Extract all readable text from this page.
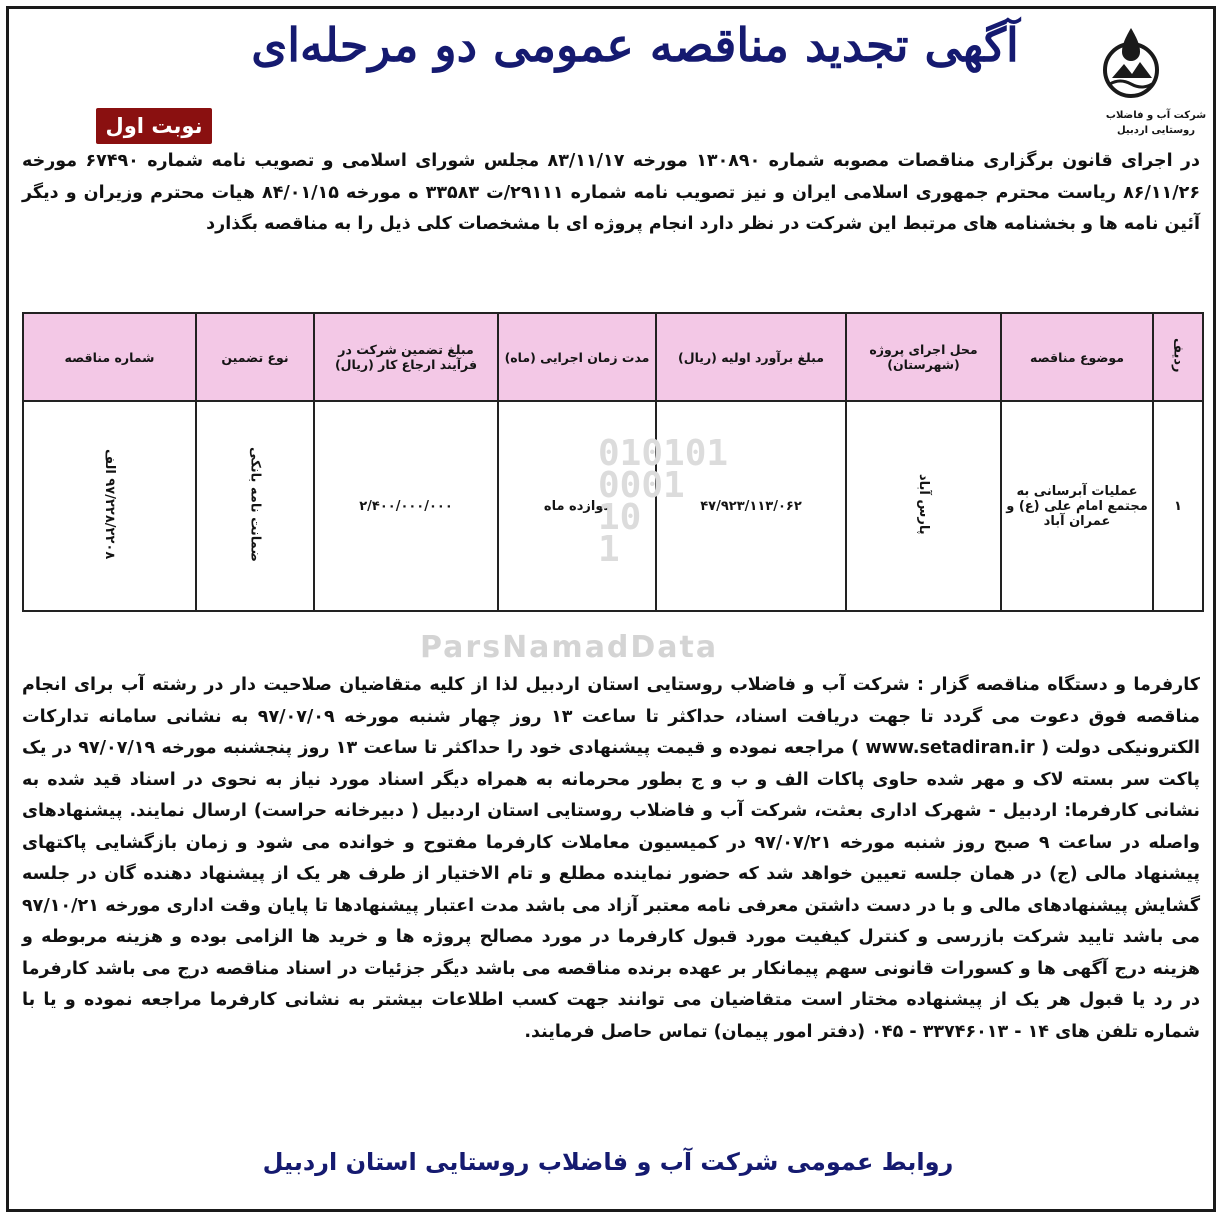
شرکت آب و فاضلاب روستایی اردبیل
آگهی تجدید مناقصه عمومی دو مرحله‌ای
نوبت اول
در اجرای قانون برگزاری مناقصات مصوبه شماره ۱۳۰۸۹۰ مورخه ۸۳/۱۱/۱۷ مجلس شورای اسلامی و تصویب نامه شماره ۶۷۴۹۰ مورخه ۸۶/۱۱/۲۶ ریاست محترم جمهوری اسلامی ایران و نیز تصویب نامه شماره ۲۹۱۱۱/ت ۳۳۵۸۳ ه مورخه ۸۴/۰۱/۱۵ هیات محترم وزیران و دیگر آئین نامه ها و بخشنامه های مرتبط این شرکت در نظر دارد انجام پروژه ای با مشخصات کلی ذیل را به مناقصه بگذارد
ردیف	موضوع مناقصه	محل اجرای پروژه (شهرستان)	مبلغ برآورد اولیه (ریال)	مدت زمان اجرایی (ماه)	مبلغ تضمین شرکت در فرآیند ارجاع کار (ریال)	نوع تضمین	شماره مناقصه
۱	عملیات آبرسانی به مجتمع امام علی (ع) و عمران آباد	پارس آباد	۴۷/۹۲۳/۱۱۳/۰۶۲	دوازده ماه	۲/۴۰۰/۰۰۰/۰۰۰	ضمانت نامه بانکی	۹۷/۲۲۸/۲۲۰۸ الف
010101
0001
10
1
ParsNamadData
کارفرما و دستگاه مناقصه گزار : شرکت آب و فاضلاب روستایی استان اردبیل لذا از کلیه متقاضیان صلاحیت دار در رشته آب برای انجام مناقصه فوق دعوت می گردد تا جهت دریافت اسناد، حداکثر تا ساعت ۱۳ روز چهار شنبه مورخه ۹۷/۰۷/۰۹ به نشانی سامانه تدارکات الکترونیکی دولت ( www.setadiran.ir ) مراجعه نموده و قیمت پیشنهادی خود را حداکثر تا ساعت ۱۳ روز پنجشنبه مورخه ۹۷/۰۷/۱۹ در یک پاکت سر بسته لاک و مهر شده حاوی پاکات الف و ب و ج بطور محرمانه به همراه دیگر اسناد مورد نیاز به نحوی در اسناد قید شده به نشانی کارفرما: اردبیل - شهرک اداری بعثت، شرکت آب و فاضلاب روستایی استان اردبیل ( دبیرخانه حراست) ارسال نمایند. پیشنهادهای واصله در ساعت ۹ صبح روز شنبه مورخه ۹۷/۰۷/۲۱ در کمیسیون معاملات کارفرما مفتوح و خوانده می شود و زمان بازگشایی پاکتهای پیشنهاد مالی (ج) در همان جلسه تعیین خواهد شد که حضور نماینده مطلع و تام الاختیار از طرف هر یک از پیشنهاد دهنده گان در جلسه گشایش پیشنهادهای مالی و با در دست داشتن معرفی نامه معتبر آزاد می باشد مدت اعتبار پیشنهادها تا پایان وقت اداری مورخه ۹۷/۱۰/۲۱ می باشد تایید شرکت بازرسی و کنترل کیفیت مورد قبول کارفرما در مورد مصالح پروژه ها و خرید ها الزامی بوده و هزینه مربوطه و هزینه درج آگهی ها و کسورات قانونی سهم پیمانکار بر عهده برنده مناقصه می باشد دیگر جزئیات در اسناد مناقصه درج می باشد کارفرما در رد یا قبول هر یک از پیشنهاده مختار است متقاضیان می توانند جهت کسب اطلاعات بیشتر به نشانی کارفرما مراجعه نموده و یا با شماره تلفن های ۱۴ - ۳۳۷۴۶۰۱۳ - ۰۴۵ (دفتر امور پیمان) تماس حاصل فرمایند.
روابط عمومی شرکت آب و فاضلاب روستایی استان اردبیل
